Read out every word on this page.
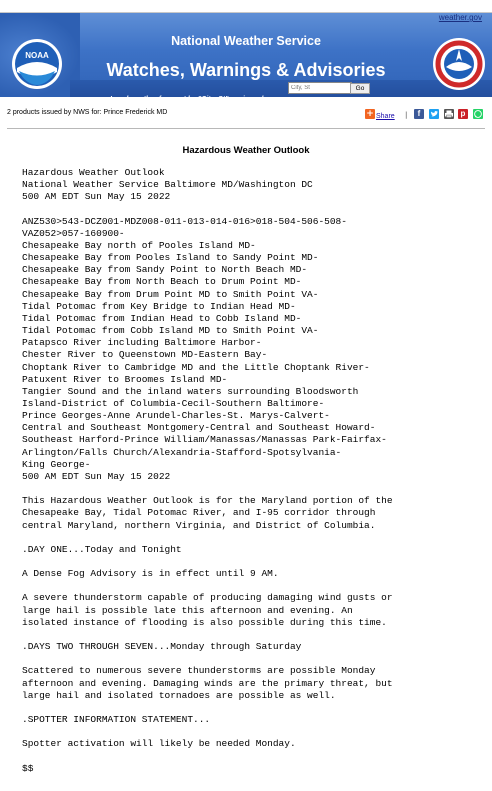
NOAA
National Weather Service
Watches, Warnings & Advisories
Local weather forecast by "City, St" or zip code
weather.gov
City, St
Go
2 products issued by NWS for: Prince Frederick MD	+ Share |	f	p
Hazardous Weather Outlook
Hazardous Weather Outlook
National Weather Service Baltimore MD/Washington DC
500 AM EDT Sun May 15 2022

ANZ530>543-DCZ001-MDZ008-011-013-014-016>018-504-506-508-
VAZ052>057-160900-
Chesapeake Bay north of Pooles Island MD-
Chesapeake Bay from Pooles Island to Sandy Point MD-
Chesapeake Bay from Sandy Point to North Beach MD-
Chesapeake Bay from North Beach to Drum Point MD-
Chesapeake Bay from Drum Point MD to Smith Point VA-
Tidal Potomac from Key Bridge to Indian Head MD-
Tidal Potomac from Indian Head to Cobb Island MD-
Tidal Potomac from Cobb Island MD to Smith Point VA-
Patapsco River including Baltimore Harbor-
Chester River to Queenstown MD-Eastern Bay-
Choptank River to Cambridge MD and the Little Choptank River-
Patuxent River to Broomes Island MD-
Tangier Sound and the inland waters surrounding Bloodsworth
Island-District of Columbia-Cecil-Southern Baltimore-
Prince Georges-Anne Arundel-Charles-St. Marys-Calvert-
Central and Southeast Montgomery-Central and Southeast Howard-
Southeast Harford-Prince William/Manassas/Manassas Park-Fairfax-
Arlington/Falls Church/Alexandria-Stafford-Spotsylvania-
King George-
500 AM EDT Sun May 15 2022

This Hazardous Weather Outlook is for the Maryland portion of the
Chesapeake Bay, Tidal Potomac River, and I-95 corridor through
central Maryland, northern Virginia, and District of Columbia.

.DAY ONE...Today and Tonight

A Dense Fog Advisory is in effect until 9 AM.

A severe thunderstorm capable of producing damaging wind gusts or
large hail is possible late this afternoon and evening. An
isolated instance of flooding is also possible during this time.

.DAYS TWO THROUGH SEVEN...Monday through Saturday

Scattered to numerous severe thunderstorms are possible Monday
afternoon and evening. Damaging winds are the primary threat, but
large hail and isolated tornadoes are possible as well.

.SPOTTER INFORMATION STATEMENT...

Spotter activation will likely be needed Monday.

$$
